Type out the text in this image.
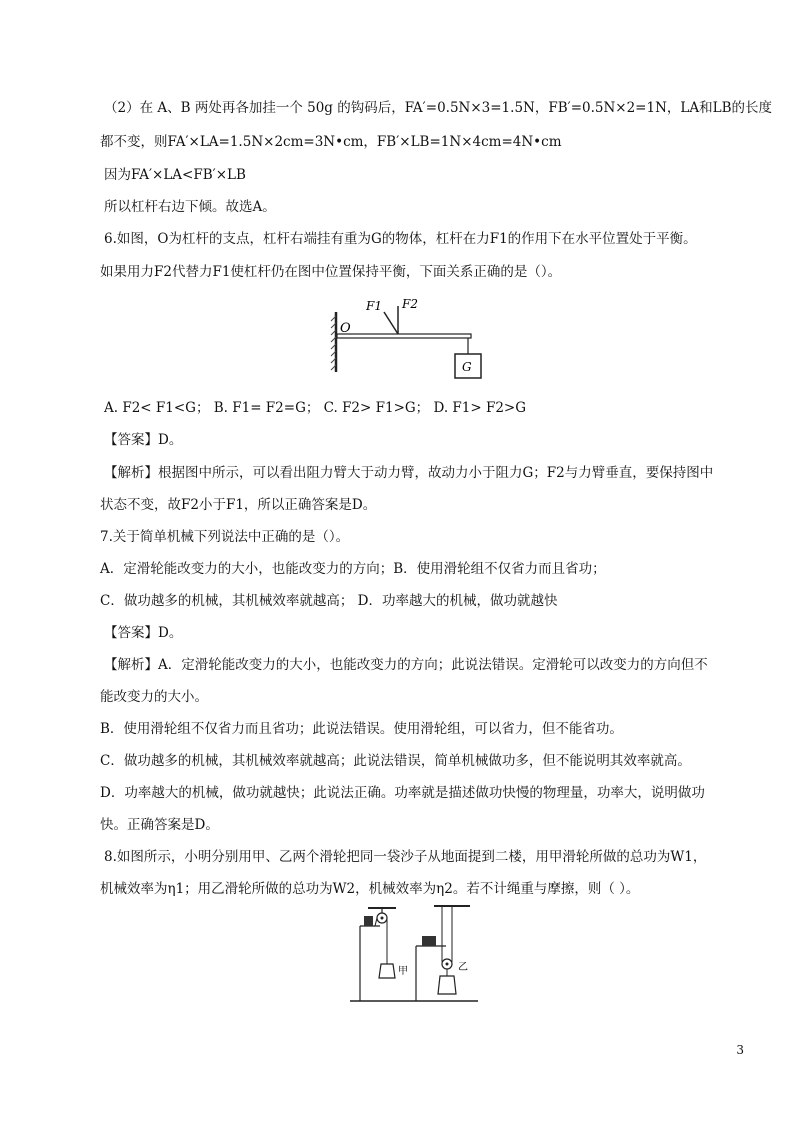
（2）在 A、B 两处再各加挂一个 50g 的钩码后，FA′=0.5N×3=1.5N，FB′=0.5N×2=1N，LA和LB的长度
都不变，则FA′×LA=1.5N×2cm=3N•cm，FB′×LB=1N×4cm=4N•cm
因为FA′×LA<FB′×LB
所以杠杆右边下倾。故选A。
6.如图，O为杠杆的支点，杠杆右端挂有重为G的物体，杠杆在力F1的作用下在水平位置处于平衡。
如果用力F2代替力F1使杠杆仍在图中位置保持平衡，下面关系正确的是（）。
O
F1 F2
G
A. F2< F1<G； B. F1= F2=G； C. F2> F1>G； D. F1> F2>G
【答案】D。
【解析】根据图中所示，可以看出阻力臂大于动力臂，故动力小于阻力G；F2与力臂垂直，要保持图中
状态不变，故F2小于F1，所以正确答案是D。
7.关于简单机械下列说法中正确的是（）。
A．定滑轮能改变力的大小，也能改变力的方向；B．使用滑轮组不仅省力而且省功；
C．做功越多的机械，其机械效率就越高； D．功率越大的机械，做功就越快
【答案】D。
【解析】A．定滑轮能改变力的大小，也能改变力的方向；此说法错误。定滑轮可以改变力的方向但不
能改变力的大小。
B．使用滑轮组不仅省力而且省功；此说法错误。使用滑轮组，可以省力，但不能省功。
C．做功越多的机械，其机械效率就越高；此说法错误，简单机械做功多，但不能说明其效率就高。
D．功率越大的机械，做功就越快；此说法正确。功率就是描述做功快慢的物理量，功率大，说明做功
快。正确答案是D。
8.如图所示，小明分别用甲、乙两个滑轮把同一袋沙子从地面提到二楼，用甲滑轮所做的总功为W1，
机械效率为η1；用乙滑轮所做的总功为W2，机械效率为η2。若不计绳重与摩擦，则（ ）。
甲	乙
3
